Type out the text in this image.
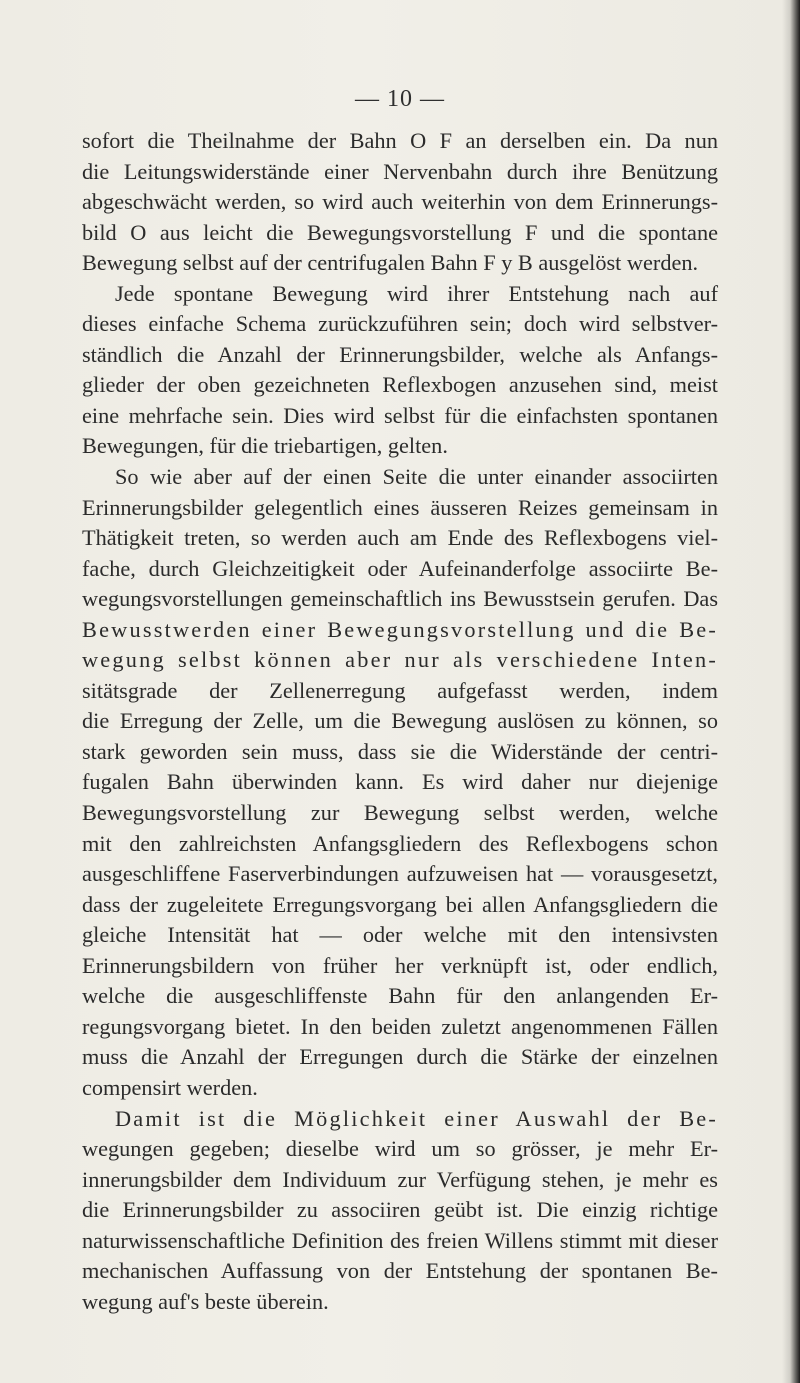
— 10 —
sofort die Theilnahme der Bahn O F an derselben ein. Da nun
die Leitungswiderstände einer Nervenbahn durch ihre Benützung
abgeschwächt werden, so wird auch weiterhin von dem Erinnerungs-
bild O aus leicht die Bewegungsvorstellung F und die spontane
Bewegung selbst auf der centrifugalen Bahn F y B ausgelöst werden.
Jede spontane Bewegung wird ihrer Entstehung nach auf
dieses einfache Schema zurückzuführen sein; doch wird selbstver-
ständlich die Anzahl der Erinnerungsbilder, welche als Anfangs-
glieder der oben gezeichneten Reflexbogen anzusehen sind, meist
eine mehrfache sein. Dies wird selbst für die einfachsten spontanen
Bewegungen, für die triebartigen, gelten.
So wie aber auf der einen Seite die unter einander associirten
Erinnerungsbilder gelegentlich eines äusseren Reizes gemeinsam in
Thätigkeit treten, so werden auch am Ende des Reflexbogens viel-
fache, durch Gleichzeitigkeit oder Aufeinanderfolge associirte Be-
wegungsvorstellungen gemeinschaftlich ins Bewusstsein gerufen. Das
Bewusstwerden einer Bewegungsvorstellung und die Be-
wegung selbst können aber nur als verschiedene Inten-
sitätsgrade der Zellenerregung aufgefasst werden, indem
die Erregung der Zelle, um die Bewegung auslösen zu können, so
stark geworden sein muss, dass sie die Widerstände der centri-
fugalen Bahn überwinden kann. Es wird daher nur diejenige
Bewegungsvorstellung zur Bewegung selbst werden, welche
mit den zahlreichsten Anfangsgliedern des Reflexbogens schon
ausgeschliffene Faserverbindungen aufzuweisen hat — vorausgesetzt,
dass der zugeleitete Erregungsvorgang bei allen Anfangsgliedern die
gleiche Intensität hat — oder welche mit den intensivsten
Erinnerungsbildern von früher her verknüpft ist, oder endlich,
welche die ausgeschliffenste Bahn für den anlangenden Er-
regungsvorgang bietet. In den beiden zuletzt angenommenen Fällen
muss die Anzahl der Erregungen durch die Stärke der einzelnen
compensirt werden.
Damit ist die Möglichkeit einer Auswahl der Be-
wegungen gegeben; dieselbe wird um so grösser, je mehr Er-
innerungsbilder dem Individuum zur Verfügung stehen, je mehr es
die Erinnerungsbilder zu associiren geübt ist. Die einzig richtige
naturwissenschaftliche Definition des freien Willens stimmt mit dieser
mechanischen Auffassung von der Entstehung der spontanen Be-
wegung auf's beste überein.
